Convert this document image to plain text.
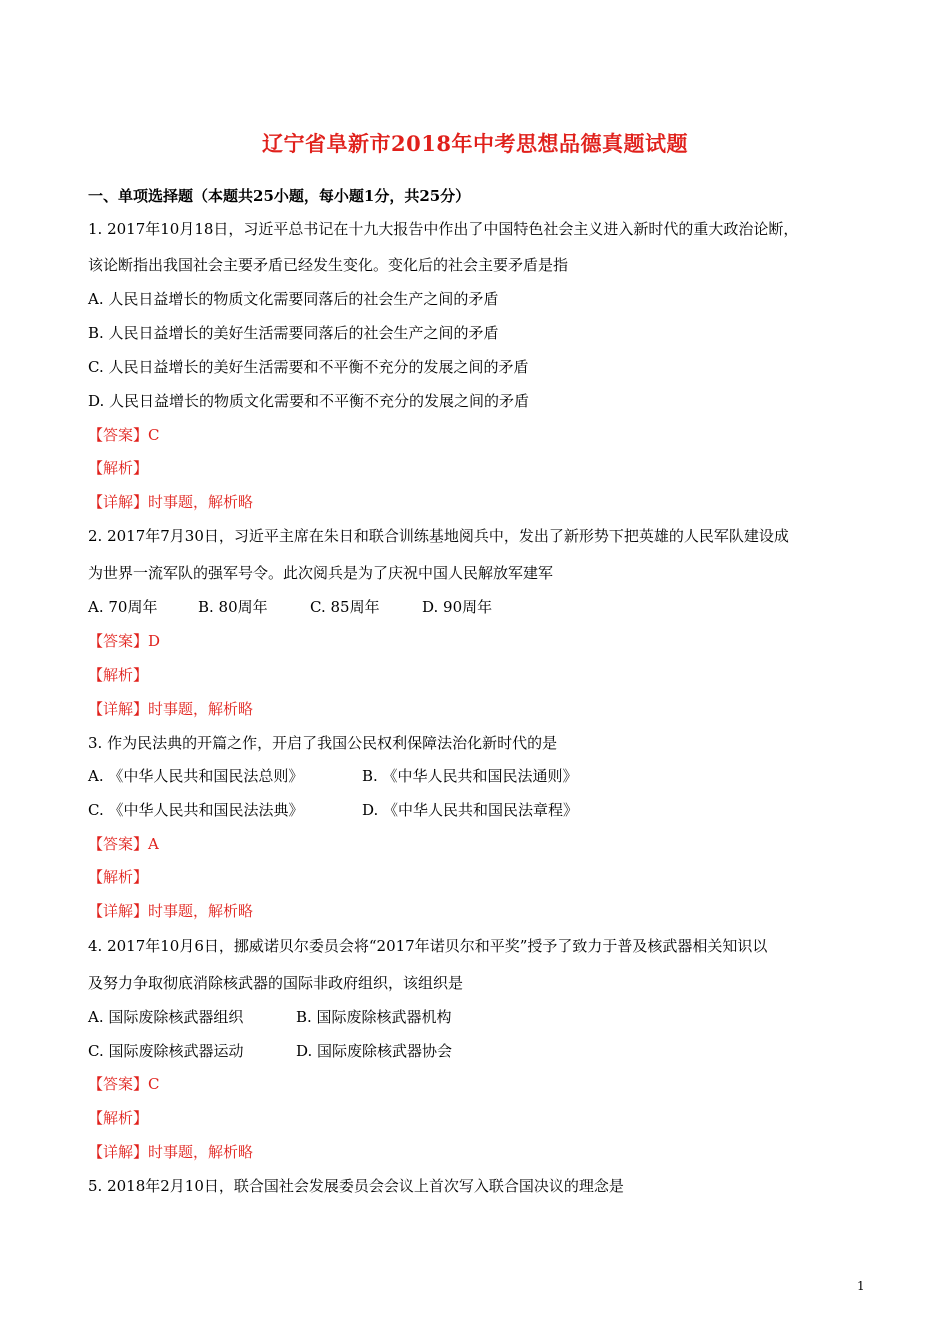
辽宁省阜新市2018年中考思想品德真题试题
一、单项选择题（本题共25小题，每小题1分，共25分）
1. 2017年10月18日，习近平总书记在十九大报告中作出了中国特色社会主义进入新时代的重大政治论断，
该论断指出我国社会主要矛盾已经发生变化。变化后的社会主要矛盾是指
A. 人民日益增长的物质文化需要同落后的社会生产之间的矛盾
B. 人民日益增长的美好生活需要同落后的社会生产之间的矛盾
C. 人民日益增长的美好生活需要和不平衡不充分的发展之间的矛盾
D. 人民日益增长的物质文化需要和不平衡不充分的发展之间的矛盾
【答案】C
【解析】
【详解】时事题，解析略
2. 2017年7月30日，习近平主席在朱日和联合训练基地阅兵中，发出了新形势下把英雄的人民军队建设成
为世界一流军队的强军号令。此次阅兵是为了庆祝中国人民解放军建军
A. 70周年	B. 80周年	C. 85周年	D. 90周年
【答案】D
【解析】
【详解】时事题，解析略
3. 作为民法典的开篇之作，开启了我国公民权利保障法治化新时代的是
A. 《中华人民共和国民法总则》	B. 《中华人民共和国民法通则》
C. 《中华人民共和国民法法典》	D. 《中华人民共和国民法章程》
【答案】A
【解析】
【详解】时事题，解析略
4. 2017年10月6日，挪威诺贝尔委员会将“2017年诺贝尔和平奖”授予了致力于普及核武器相关知识以
及努力争取彻底消除核武器的国际非政府组织，该组织是
A. 国际废除核武器组织	B. 国际废除核武器机构
C. 国际废除核武器运动	D. 国际废除核武器协会
【答案】C
【解析】
【详解】时事题，解析略
5. 2018年2月10日，联合国社会发展委员会会议上首次写入联合国决议的理念是
1
